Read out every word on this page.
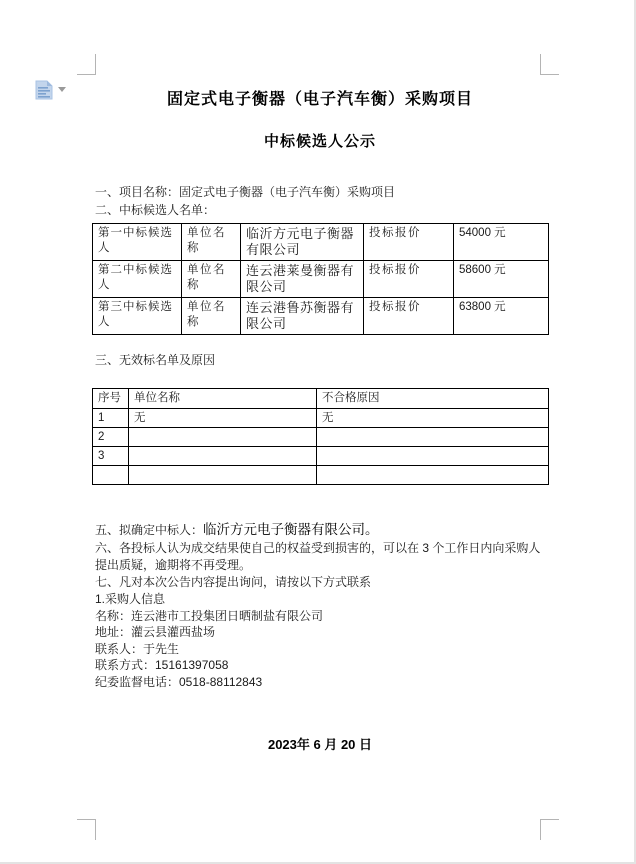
固定式电子衡器（电子汽车衡）采购项目

中标候选人公示

一、项目名称：固定式电子衡器（电子汽车衡）采购项目

二、中标候选人名单：

第一中标候选人	单位名称	临沂方元电子衡器有限公司	投标报价	54000 元
第二中标候选人	单位名称	连云港莱曼衡器有限公司	投标报价	58600 元
第三中标候选人	单位名称	连云港鲁苏衡器有限公司	投标报价	63800 元

三、无效标名单及原因

序号	单位名称	不合格原因
1	无	无
2		
3		

五、拟确定中标人：临沂方元电子衡器有限公司。

六、各投标人认为成交结果使自己的权益受到损害的，可以在 3 个工作日内向采购人提出质疑，逾期将不再受理。

七、凡对本次公告内容提出询问，请按以下方式联系

1.采购人信息

名称：连云港市工投集团日晒制盐有限公司

地址：灌云县灌西盐场

联系人：于先生

联系方式：15161397058

纪委监督电话：0518-88112843

2023年 6 月 20 日
